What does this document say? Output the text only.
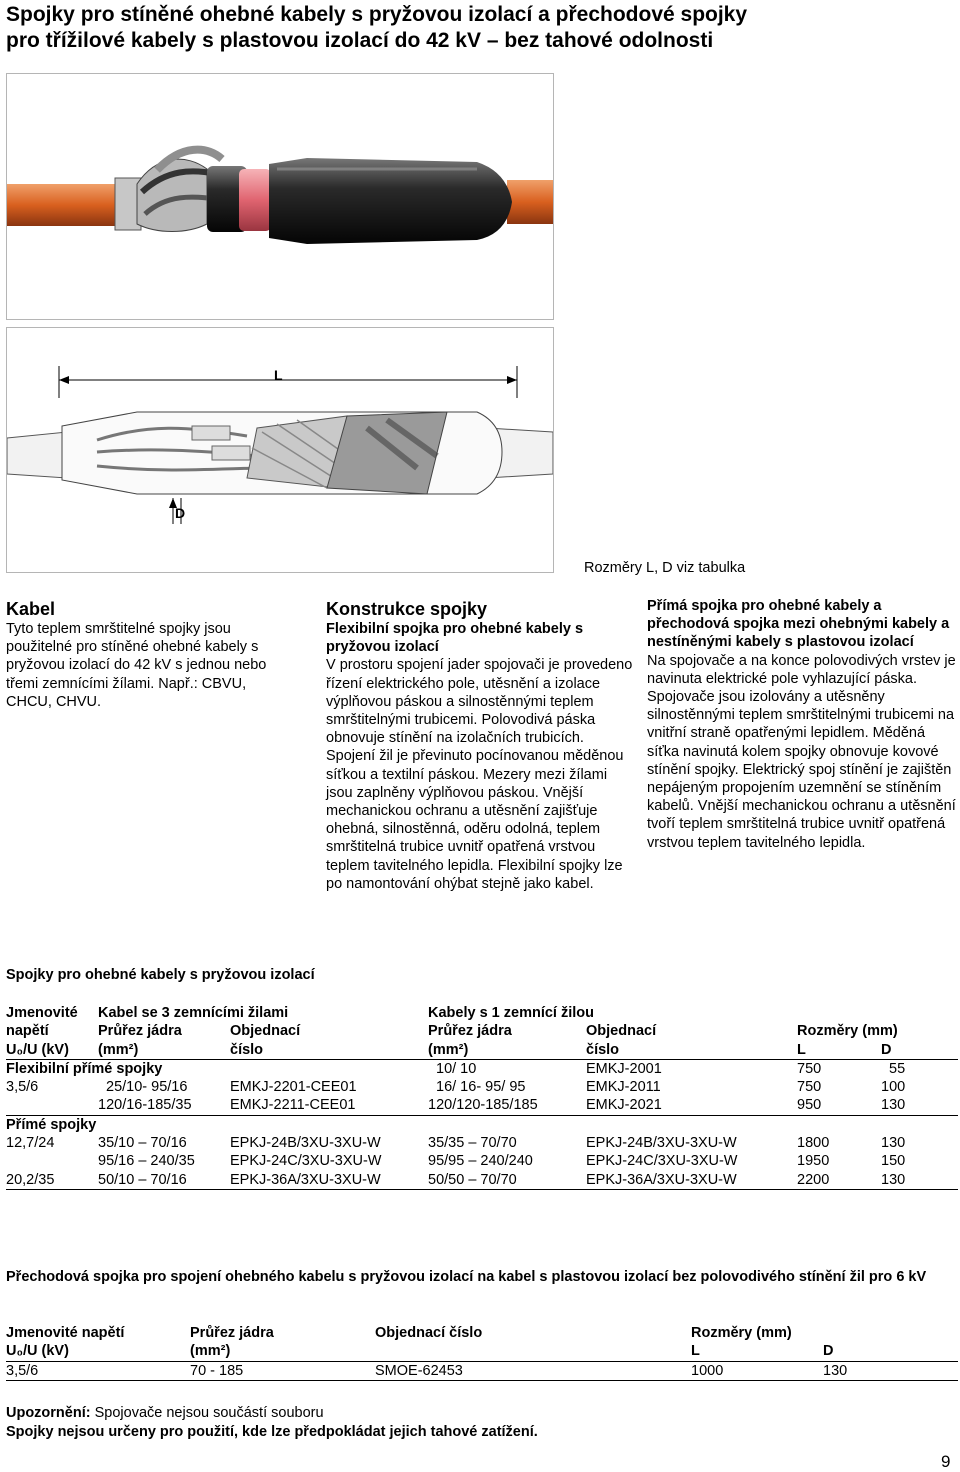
Spojky pro stíněné ohebné kabely s pryžovou izolací a přechodové spojky
pro třížilové kabely s plastovou izolací do 42 kV – bez tahové odolnosti
L
D
Rozměry L, D viz tabulka
Kabel

Tyto teplem smrštitelné spojky jsou použitelné pro stíněné ohebné kabely s pryžovou izolací do 42 kV s jednou nebo třemi zemnícími žílami. Např.: CBVU, CHCU, CHVU.

Konstrukce spojky
Flexibilní spojka pro ohebné kabely s pryžovou izolací

V prostoru spojení jader spojovači je provedeno řízení elektrického pole, utěsnění a izolace výplňovou páskou a silnostěnnými teplem smrštitelnými trubicemi. Polovodivá páska obnovuje stínění na izolačních trubicích. Spojení žil je převinuto pocínovanou měděnou síťkou a textilní páskou. Mezery mezi žílami jsou zaplněny výplňovou páskou. Vnější mechanickou ochranu a utěsnění zajišťuje ohebná, silnostěnná, oděru odolná, teplem smrštitelná trubice uvnitř opatřená vrstvou teplem tavitelného lepidla. Flexibilní spojky lze po namontování ohýbat stejně jako kabel.

Přímá spojka pro ohebné kabely a přechodová spojka mezi ohebnými kabely a nestíněnými kabely s plastovou izolací

Na spojovače a na konce polovodivých vrstev je navinuta elektrické pole vyhlazující páska. Spojovače jsou izolovány a utěsněny silnostěnnými teplem smrštitelnými trubicemi na vnitřní straně opatřenými lepidlem. Měděná síťka navinutá kolem spojky obnovuje kovové stínění spojky. Elektrický spoj stínění je zajištěn nepájeným propojením uzemnění se stíněním kabelů. Vnější mechanickou ochranu a utěsnění tvoří teplem smrštitelná trubice uvnitř opatřená vrstvou teplem tavitelného lepidla.

Spojky pro ohebné kabely s pryžovou izolací
Jmenovité	Kabel se 3 zemnícími žilami		Kabely s 1 zemnící žilou			
napětí	Průřez jádra	Objednací	Průřez jádra	Objednací	Rozměry (mm)	
U₀/U (kV)	(mm²)	číslo	(mm²)	číslo	L	D
Flexibilní přímé spojky			10/ 10	EMKJ-2001	750	55
3,5/6	25/10- 95/16	EMKJ-2201-CEE01	16/ 16- 95/ 95	EMKJ-2011	750	100
	120/16-185/35	EMKJ-2211-CEE01	120/120-185/185	EMKJ-2021	950	130
Přímé spojky						
12,7/24	35/10 – 70/16	EPKJ-24B/3XU-3XU-W	35/35 – 70/70	EPKJ-24B/3XU-3XU-W	1800	130
	95/16 – 240/35	EPKJ-24C/3XU-3XU-W	95/95 – 240/240	EPKJ-24C/3XU-3XU-W	1950	150
20,2/35	50/10 – 70/16	EPKJ-36A/3XU-3XU-W	50/50 – 70/70	EPKJ-36A/3XU-3XU-W	2200	130
Přechodová spojka pro spojení ohebného kabelu s pryžovou izolací na kabel s plastovou izolací bez polovodivého stínění žil pro 6 kV
Jmenovité napětí	Průřez jádra	Objednací číslo	Rozměry (mm)	
U₀/U (kV)	(mm²)		L	D
3,5/6	70 - 185	SMOE-62453	1000	130
Upozornění: Spojovače nejsou součástí souboru
Spojky nejsou určeny pro použití, kde lze předpokládat jejich tahové zatížení.
9
